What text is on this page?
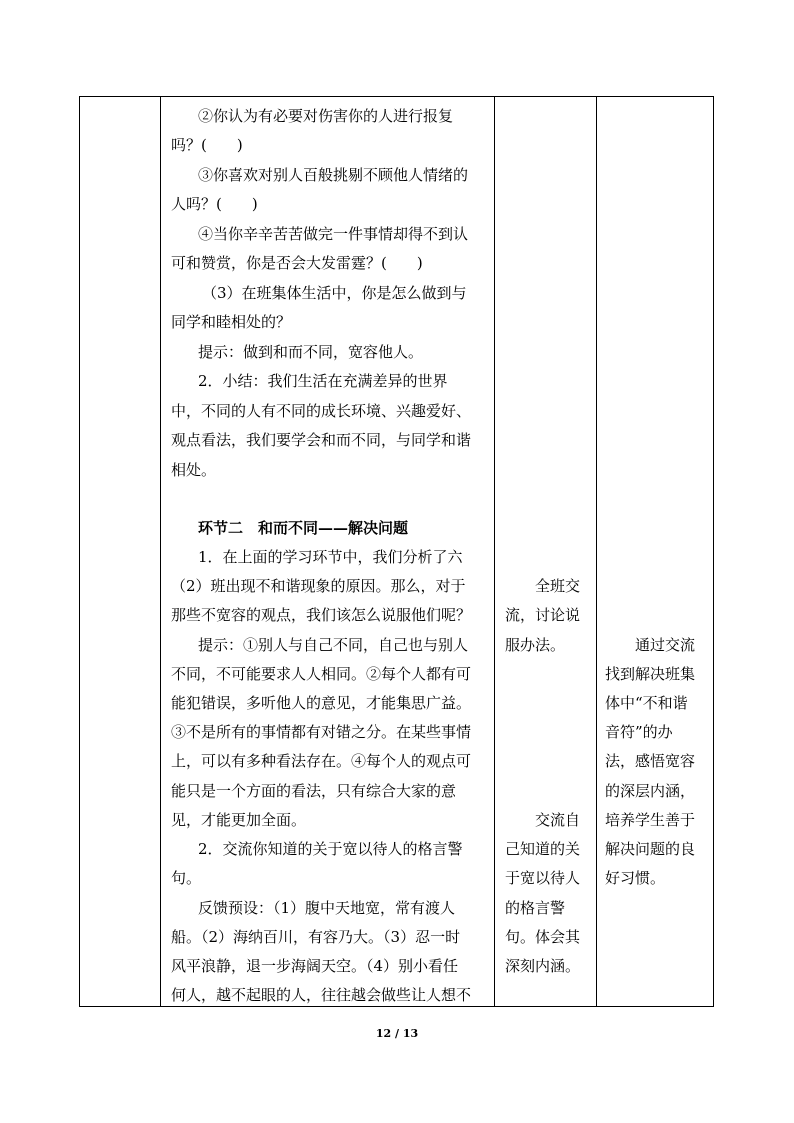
②你认为有必要对伤害你的人进行报复
吗？(　　)
③你喜欢对别人百般挑剔不顾他人情绪的
人吗？(　　)
④当你辛辛苦苦做完一件事情却得不到认
可和赞赏，你是否会大发雷霆？(　　)
（3）在班集体生活中，你是怎么做到与
同学和睦相处的？
提示：做到和而不同，宽容他人。
2．小结：我们生活在充满差异的世界
中，不同的人有不同的成长环境、兴趣爱好、
观点看法，我们要学会和而不同，与同学和谐
相处。
环节二　和而不同——解决问题
1．在上面的学习环节中，我们分析了六
（2）班出现不和谐现象的原因。那么，对于
那些不宽容的观点，我们该怎么说服他们呢？
提示：①别人与自己不同，自己也与别人
不同，不可能要求人人相同。②每个人都有可
能犯错误，多听他人的意见，才能集思广益。
③不是所有的事情都有对错之分。在某些事情
上，可以有多种看法存在。④每个人的观点可
能只是一个方面的看法，只有综合大家的意
见，才能更加全面。
2．交流你知道的关于宽以待人的格言警
句。
反馈预设：（1）腹中天地宽，常有渡人
船。（2）海纳百川，有容乃大。（3）忍一时
风平浪静，退一步海阔天空。（4）别小看任
何人，越不起眼的人，往往越会做些让人想不
全班交
流，讨论说
服办法。
交流自
己知道的关
于宽以待人
的格言警
句。体会其
深刻内涵。
通过交流
找到解决班集
体中“不和谐
音符”的办
法，感悟宽容
的深层内涵，
培养学生善于
解决问题的良
好习惯。
12 / 13
